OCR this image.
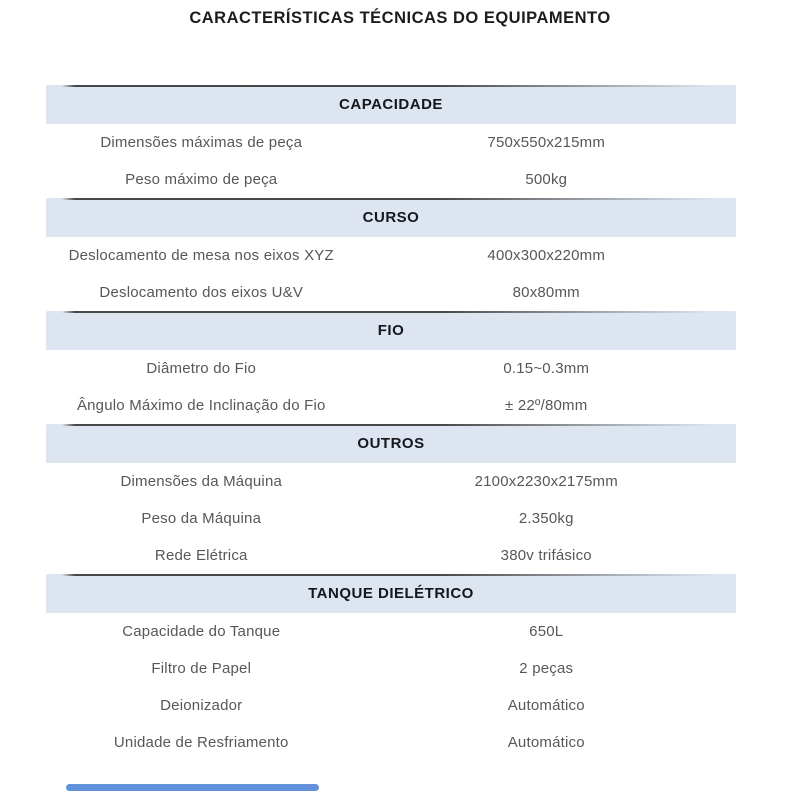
CARACTERÍSTICAS TÉCNICAS DO EQUIPAMENTO
CAPACIDADE
Dimensões máximas de peça	750x550x215mm
Peso máximo de peça	500kg
CURSO
Deslocamento de mesa nos eixos XYZ	400x300x220mm
Deslocamento dos eixos U&V	80x80mm
FIO
Diâmetro do Fio	0.15~0.3mm
Ângulo Máximo de Inclinação do Fio	± 22º/80mm
OUTROS
Dimensões da Máquina	2100x2230x2175mm
Peso da Máquina	2.350kg
Rede Elétrica	380v trifásico
TANQUE DIELÉTRICO
Capacidade do Tanque	650L
Filtro de Papel	2 peças
Deionizador	Automático
Unidade de Resfriamento	Automático
